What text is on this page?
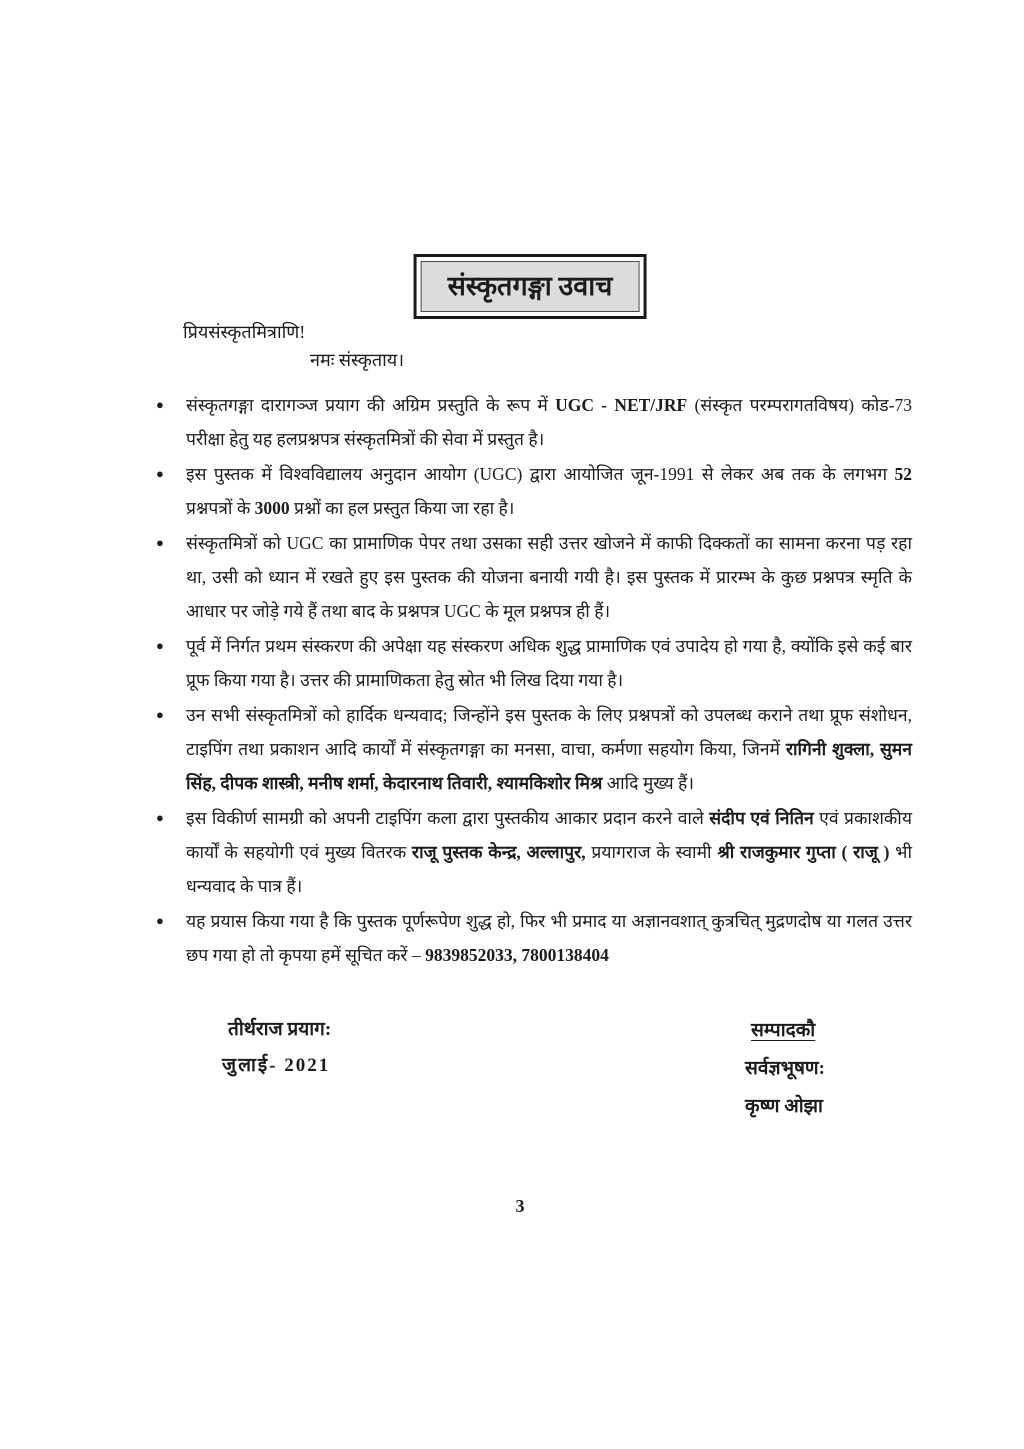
संस्कृतगङ्गा उवाच
प्रियसंस्कृतमित्राणि!
नमः संस्कृताय।
● संस्कृतगङ्गा दारागञ्ज प्रयाग की अग्रिम प्रस्तुति के रूप में UGC - NET/JRF (संस्कृत परम्परागतविषय) कोड-73 परीक्षा हेतु यह हलप्रश्नपत्र संस्कृतमित्रों की सेवा में प्रस्तुत है।
● इस पुस्तक में विश्वविद्यालय अनुदान आयोग (UGC) द्वारा आयोजित जून-1991 से लेकर अब तक के लगभग 52 प्रश्नपत्रों के 3000 प्रश्नों का हल प्रस्तुत किया जा रहा है।
● संस्कृतमित्रों को UGC का प्रामाणिक पेपर तथा उसका सही उत्तर खोजने में काफी दिक्कतों का सामना करना पड़ रहा था, उसी को ध्यान में रखते हुए इस पुस्तक की योजना बनायी गयी है। इस पुस्तक में प्रारम्भ के कुछ प्रश्नपत्र स्मृति के आधार पर जोड़े गये हैं तथा बाद के प्रश्नपत्र UGC के मूल प्रश्नपत्र ही हैं।
● पूर्व में निर्गत प्रथम संस्करण की अपेक्षा यह संस्करण अधिक शुद्ध प्रामाणिक एवं उपादेय हो गया है, क्योंकि इसे कई बार प्रूफ किया गया है। उत्तर की प्रामाणिकता हेतु स्रोत भी लिख दिया गया है।
● उन सभी संस्कृतमित्रों को हार्दिक धन्यवाद; जिन्होंने इस पुस्तक के लिए प्रश्नपत्रों को उपलब्ध कराने तथा प्रूफ संशोधन, टाइपिंग तथा प्रकाशन आदि कार्यों में संस्कृतगङ्गा का मनसा, वाचा, कर्मणा सहयोग किया, जिनमें रागिनी शुक्ला, सुमन सिंह, दीपक शास्त्री, मनीष शर्मा, केदारनाथ तिवारी, श्यामकिशोर मिश्र आदि मुख्य हैं।
● इस विकीर्ण सामग्री को अपनी टाइपिंग कला द्वारा पुस्तकीय आकार प्रदान करने वाले संदीप एवं नितिन एवं प्रकाशकीय कार्यों के सहयोगी एवं मुख्य वितरक राजू पुस्तक केन्द्र, अल्लापुर, प्रयागराज के स्वामी श्री राजकुमार गुप्ता ( राजू ) भी धन्यवाद के पात्र हैं।
● यह प्रयास किया गया है कि पुस्तक पूर्णरूपेण शुद्ध हो, फिर भी प्रमाद या अज्ञानवशात् कुत्रचित् मुद्रणदोष या गलत उत्तर छप गया हो तो कृपया हमें सूचित करें – 9839852033, 7800138404
तीर्थराज प्रयाग:
जुलाई- 2021
सम्पादकौ
सर्वज्ञभूषण:
कृष्ण ओझा
3
